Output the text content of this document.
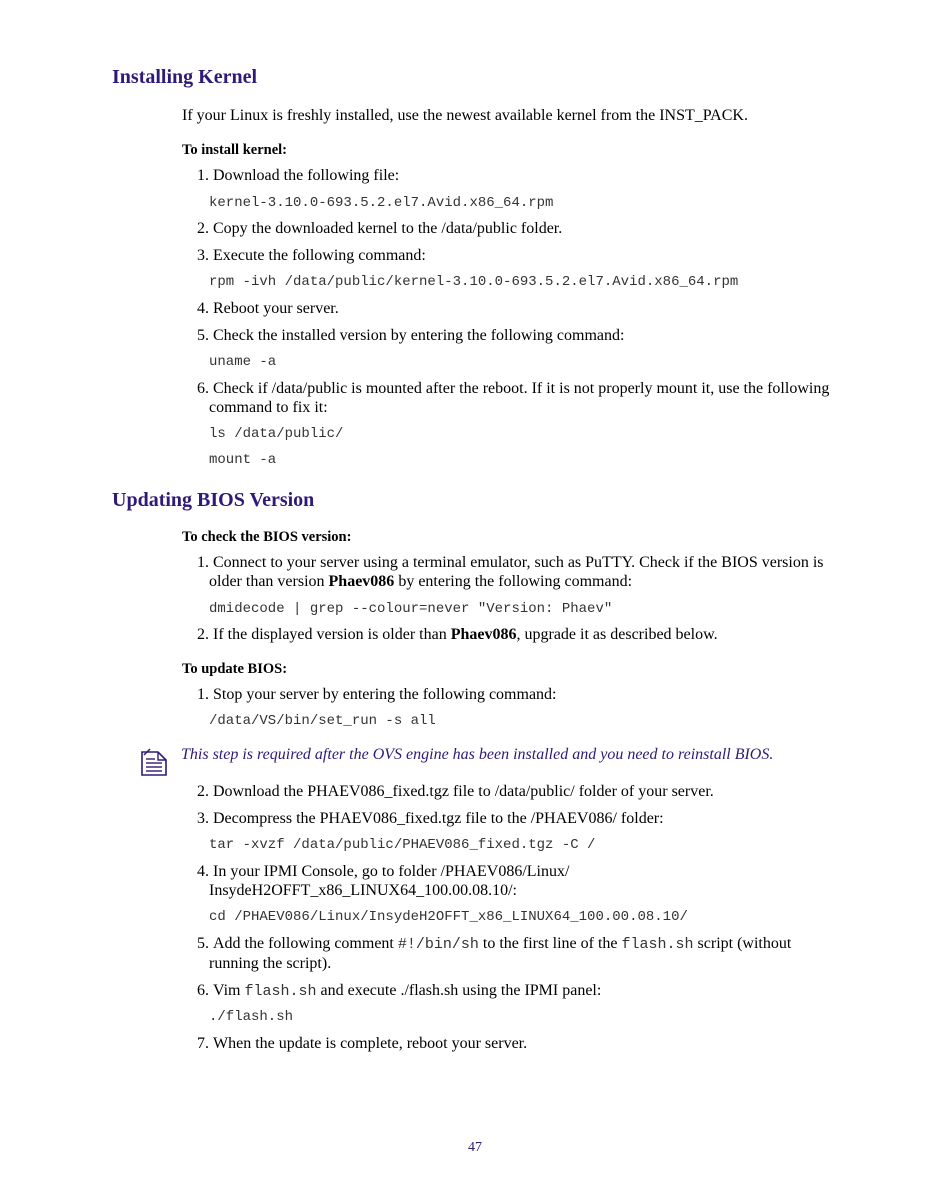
Installing Kernel

If your Linux is freshly installed, use the newest available kernel from the INST_PACK.

To install kernel:

1. Download the following file:
kernel-3.10.0-693.5.2.el7.Avid.x86_64.rpm
2. Copy the downloaded kernel to the /data/public folder.
3. Execute the following command:
rpm -ivh /data/public/kernel-3.10.0-693.5.2.el7.Avid.x86_64.rpm
4. Reboot your server.
5. Check the installed version by entering the following command:
uname -a
6. Check if /data/public is mounted after the reboot. If it is not properly mount it, use the following
command to fix it:
ls /data/public/
mount -a
Updating BIOS Version

To check the BIOS version:

1. Connect to your server using a terminal emulator, such as PuTTY. Check if the BIOS version is
older than version Phaev086 by entering the following command:
dmidecode | grep --colour=never "Version: Phaev"
2. If the displayed version is older than Phaev086, upgrade it as described below.

To update BIOS:

1. Stop your server by entering the following command:
/data/VS/bin/set_run -s all
This step is required after the OVS engine has been installed and you need to reinstall BIOS.
2. Download the PHAEV086_fixed.tgz file to /data/public/ folder of your server.
3. Decompress the PHAEV086_fixed.tgz file to the /PHAEV086/ folder:
tar -xvzf /data/public/PHAEV086_fixed.tgz -C /
4. In your IPMI Console, go to folder /PHAEV086/Linux/
InsydeH2OFFT_x86_LINUX64_100.00.08.10/:
cd /PHAEV086/Linux/InsydeH2OFFT_x86_LINUX64_100.00.08.10/
5. Add the following comment #!/bin/sh to the first line of the flash.sh script (without
running the script).
6. Vim flash.sh and execute ./flash.sh using the IPMI panel:
./flash.sh
7. When the update is complete, reboot your server.
47
